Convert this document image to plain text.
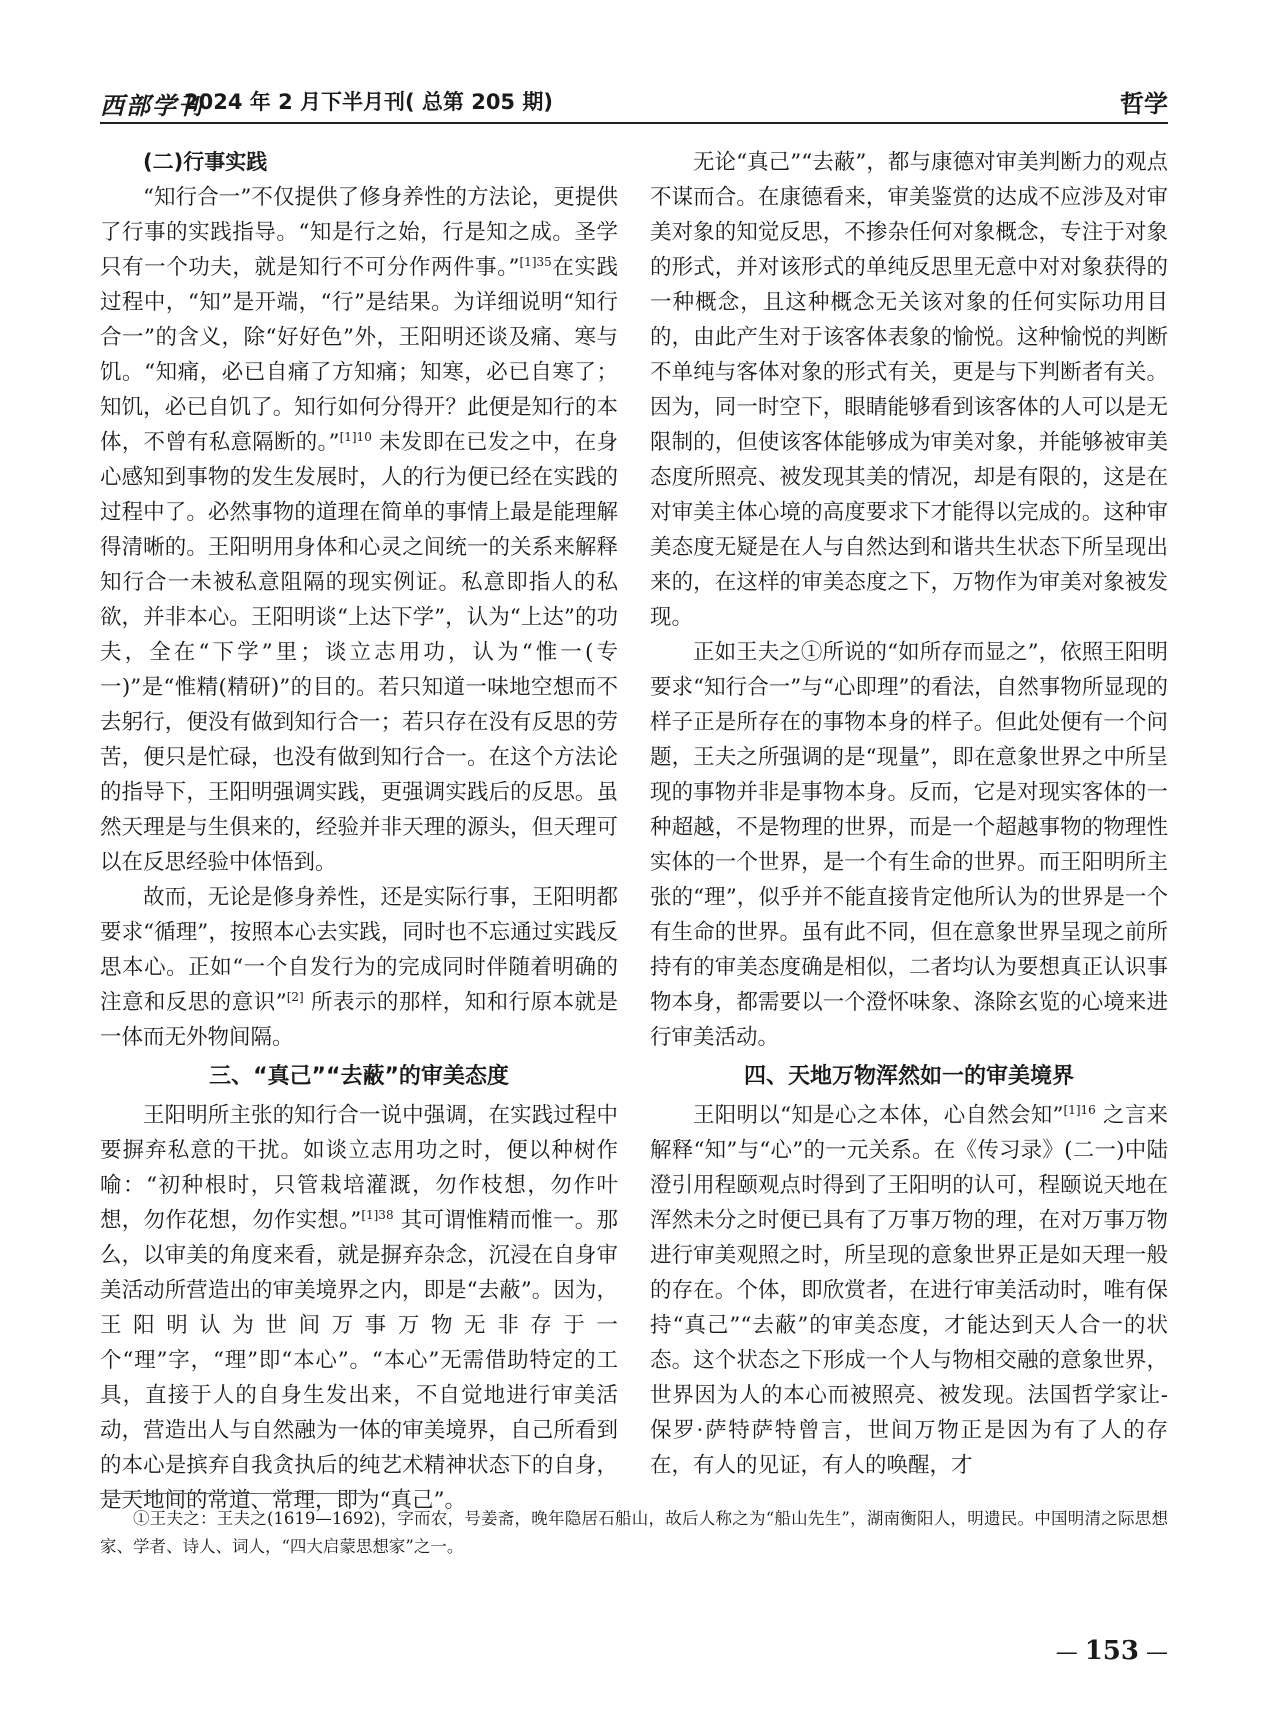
西部学刊
2024 年 2 月下半月刊( 总第 205 期)	哲学
(二)行事实践

“知行合一”不仅提供了修身养性的方法论，更提供了行事的实践指导。“知是行之始，行是知之成。圣学只有一个功夫，就是知行不可分作两件事。”$^{[1]35}$在实践过程中，“知”是开端，“行”是结果。为详细说明“知行合一”的含义，除“好好色”外，王阳明还谈及痛、寒与饥。“知痛，必已自痛了方知痛；知寒，必已自寒了；知饥，必已自饥了。知行如何分得开？此便是知行的本体，不曾有私意隔断的。”$^{[1]10}$ 未发即在已发之中，在身心感知到事物的发生发展时，人的行为便已经在实践的过程中了。必然事物的道理在简单的事情上最是能理解得清晰的。王阳明用身体和心灵之间统一的关系来解释知行合一未被私意阻隔的现实例证。私意即指人的私欲，并非本心。王阳明谈“上达下学”，认为“上达”的功夫，全在“下学”里；谈立志用功，认为“惟一(专一)”是“惟精(精研)”的目的。若只知道一味地空想而不去躬行，便没有做到知行合一；若只存在没有反思的劳苦，便只是忙碌，也没有做到知行合一。在这个方法论的指导下，王阳明强调实践，更强调实践后的反思。虽然天理是与生俱来的，经验并非天理的源头，但天理可以在反思经验中体悟到。

故而，无论是修身养性，还是实际行事，王阳明都要求“循理”，按照本心去实践，同时也不忘通过实践反思本心。正如“一个自发行为的完成同时伴随着明确的注意和反思的意识”[2] 所表示的那样，知和行原本就是一体而无外物间隔。

三、“真己”“去蔽”的审美态度

王阳明所主张的知行合一说中强调，在实践过程中要摒弃私意的干扰。如谈立志用功之时，便以种树作喻：“初种根时，只管栽培灌溉，勿作枝想，勿作叶想，勿作花想，勿作实想。”$^{[1]38}$ 其可谓惟精而惟一。那么，以审美的角度来看，就是摒弃杂念，沉浸在自身审美活动所营造出的审美境界之内，即是“去蔽”。因为，王阳明认为世间万事万物无非存于一个“理”字，“理”即“本心”。“本心”无需借助特定的工具，直接于人的自身生发出来，不自觉地进行审美活动，营造出人与自然融为一体的审美境界，自己所看到的本心是摈弃自我贪执后的纯艺术精神状态下的自身，是天地间的常道、常理，即为“真己”。

无论“真己”“去蔽”，都与康德对审美判断力的观点不谋而合。在康德看来，审美鉴赏的达成不应涉及对审美对象的知觉反思，不掺杂任何对象概念，专注于对象的形式，并对该形式的单纯反思里无意中对对象获得的一种概念，且这种概念无关该对象的任何实际功用目的，由此产生对于该客体表象的愉悦。这种愉悦的判断不单纯与客体对象的形式有关，更是与下判断者有关。因为，同一时空下，眼睛能够看到该客体的人可以是无限制的，但使该客体能够成为审美对象，并能够被审美态度所照亮、被发现其美的情况，却是有限的，这是在对审美主体心境的高度要求下才能得以完成的。这种审美态度无疑是在人与自然达到和谐共生状态下所呈现出来的，在这样的审美态度之下，万物作为审美对象被发现。

正如王夫之①所说的“如所存而显之”，依照王阳明要求“知行合一”与“心即理”的看法，自然事物所显现的样子正是所存在的事物本身的样子。但此处便有一个问题，王夫之所强调的是“现量”，即在意象世界之中所呈现的事物并非是事物本身。反而，它是对现实客体的一种超越，不是物理的世界，而是一个超越事物的物理性实体的一个世界，是一个有生命的世界。而王阳明所主张的“理”，似乎并不能直接肯定他所认为的世界是一个有生命的世界。虽有此不同，但在意象世界呈现之前所持有的审美态度确是相似，二者均认为要想真正认识事物本身，都需要以一个澄怀味象、涤除玄览的心境来进行审美活动。

四、天地万物浑然如一的审美境界

王阳明以“知是心之本体，心自然会知”$^{[1]16}$ 之言来解释“知”与“心”的一元关系。在《传习录》(二一)中陆澄引用程颐观点时得到了王阳明的认可，程颐说天地在浑然未分之时便已具有了万事万物的理，在对万事万物进行审美观照之时，所呈现的意象世界正是如天理一般的存在。个体，即欣赏者，在进行审美活动时，唯有保持“真己”“去蔽”的审美态度，才能达到天人合一的状态。这个状态之下形成一个人与物相交融的意象世界，世界因为人的本心而被照亮、被发现。法国哲学家让-保罗·萨特萨特曾言，世间万物正是因为有了人的存在，有人的见证，有人的唤醒，才

①王夫之：王夫之(1619—1692)，字而农，号姜斋，晚年隐居石船山，故后人称之为“船山先生”，湖南衡阳人，明遗民。中国明清之际思想家、学者、诗人、词人，“四大启蒙思想家”之一。

— 153 —
